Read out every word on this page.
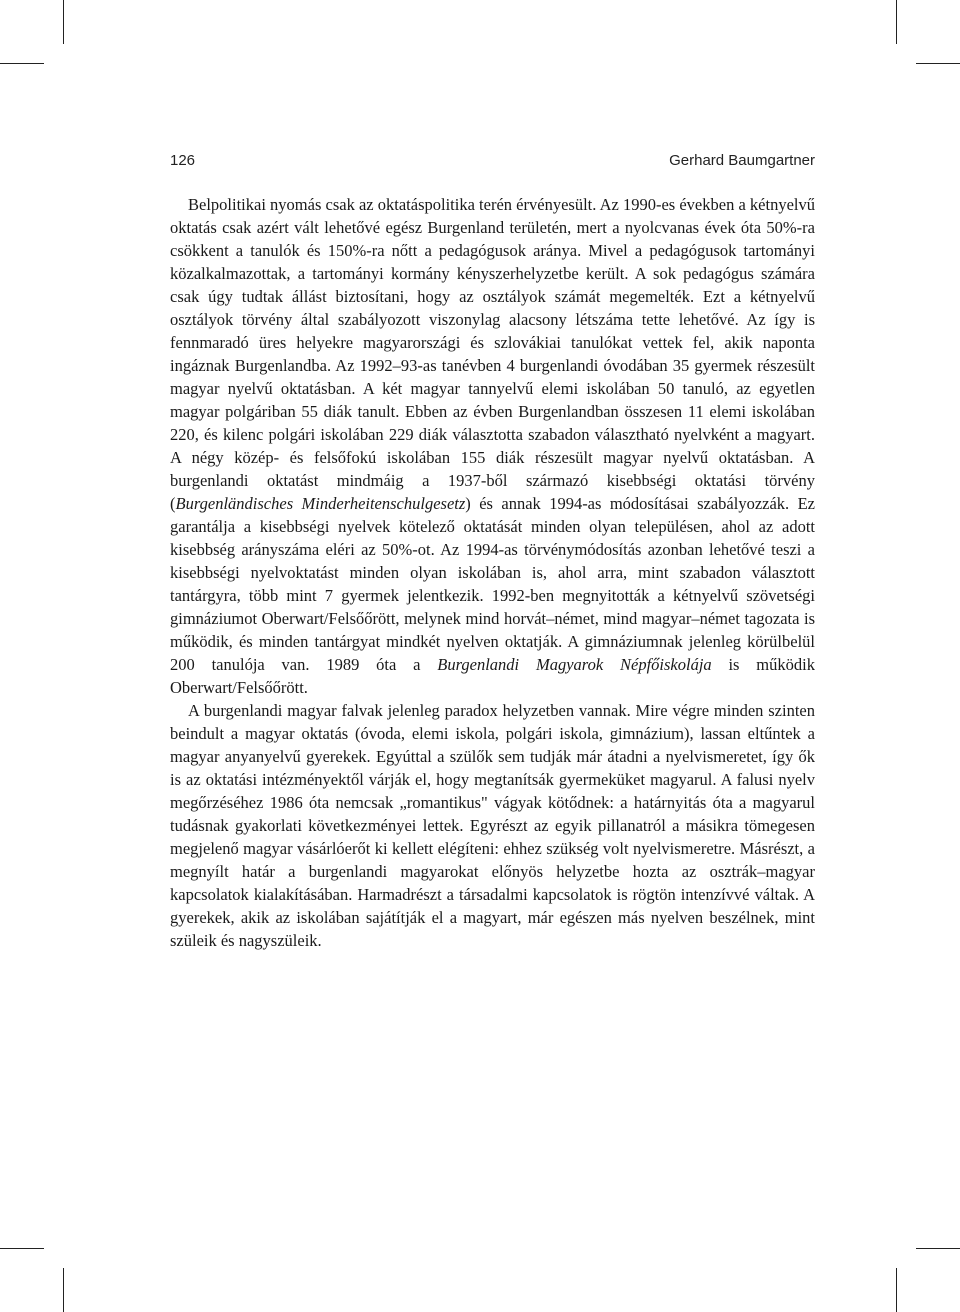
126	Gerhard Baumgartner

Belpolitikai nyomás csak az oktatáspolitika terén érvényesült. Az 1990-es években a kétnyelvű oktatás csak azért vált lehetővé egész Burgenland területén, mert a nyolcvanas évek óta 50%-ra csökkent a tanulók és 150%-ra nőtt a pedagógusok aránya. Mivel a pedagógusok tartományi közalkalmazottak, a tartományi kormány kényszerhelyzetbe került. A sok pedagógus számára csak úgy tudtak állást biztosítani, hogy az osztályok számát megemelték. Ezt a kétnyelvű osztályok törvény által szabályozott viszonylag alacsony létszáma tette lehetővé. Az így is fennmaradó üres helyekre magyarországi és szlovákiai tanulókat vettek fel, akik naponta ingáznak Burgenlandba. Az 1992–93-as tanévben 4 burgenlandi óvodában 35 gyermek részesült magyar nyelvű oktatásban. A két magyar tannyelvű elemi iskolában 50 tanuló, az egyetlen magyar polgáriban 55 diák tanult. Ebben az évben Burgenlandban összesen 11 elemi iskolában 220, és kilenc polgári iskolában 229 diák választotta szabadon választható nyelvként a magyart. A négy közép- és felsőfokú iskolában 155 diák részesült magyar nyelvű oktatásban. A burgenlandi oktatást mindmáig a 1937-ből származó kisebbségi oktatási törvény (Burgenländisches Minderheitenschulgesetz) és annak 1994-as módosításai szabályozzák. Ez garantálja a kisebbségi nyelvek kötelező oktatását minden olyan településen, ahol az adott kisebbség arányszáma eléri az 50%-ot. Az 1994-as törvénymódosítás azonban lehetővé teszi a kisebbségi nyelvoktatást minden olyan iskolában is, ahol arra, mint szabadon választott tantárgyra, több mint 7 gyermek jelentkezik. 1992-ben megnyitották a kétnyelvű szövetségi gimnáziumot Oberwart/Felsőőrött, melynek mind horvát–német, mind magyar–német tagozata is működik, és minden tantárgyat mindkét nyelven oktatják. A gimnáziumnak jelenleg körülbelül 200 tanulója van. 1989 óta a Burgenlandi Magyarok Népfőiskolája is működik Oberwart/Felsőőrött.

A burgenlandi magyar falvak jelenleg paradox helyzetben vannak. Mire végre minden szinten beindult a magyar oktatás (óvoda, elemi iskola, polgári iskola, gimnázium), lassan eltűntek a magyar anyanyelvű gyerekek. Egyúttal a szülők sem tudják már átadni a nyelvismeretet, így ők is az oktatási intézményektől várják el, hogy megtanítsák gyermeküket magyarul. A falusi nyelv megőrzéséhez 1986 óta nemcsak „romantikus" vágyak kötődnek: a határnyitás óta a magyarul tudásnak gyakorlati következményei lettek. Egyrészt az egyik pillanatról a másikra tömegesen megjelenő magyar vásárlóerőt ki kellett elégíteni: ehhez szükség volt nyelvismeretre. Másrészt, a megnyílt határ a burgenlandi magyarokat előnyös helyzetbe hozta az osztrák–magyar kapcsolatok kialakításában. Harmadrészt a társadalmi kapcsolatok is rögtön intenzívvé váltak. A gyerekek, akik az iskolában sajátítják el a magyart, már egészen más nyelven beszélnek, mint szüleik és nagyszüleik.
